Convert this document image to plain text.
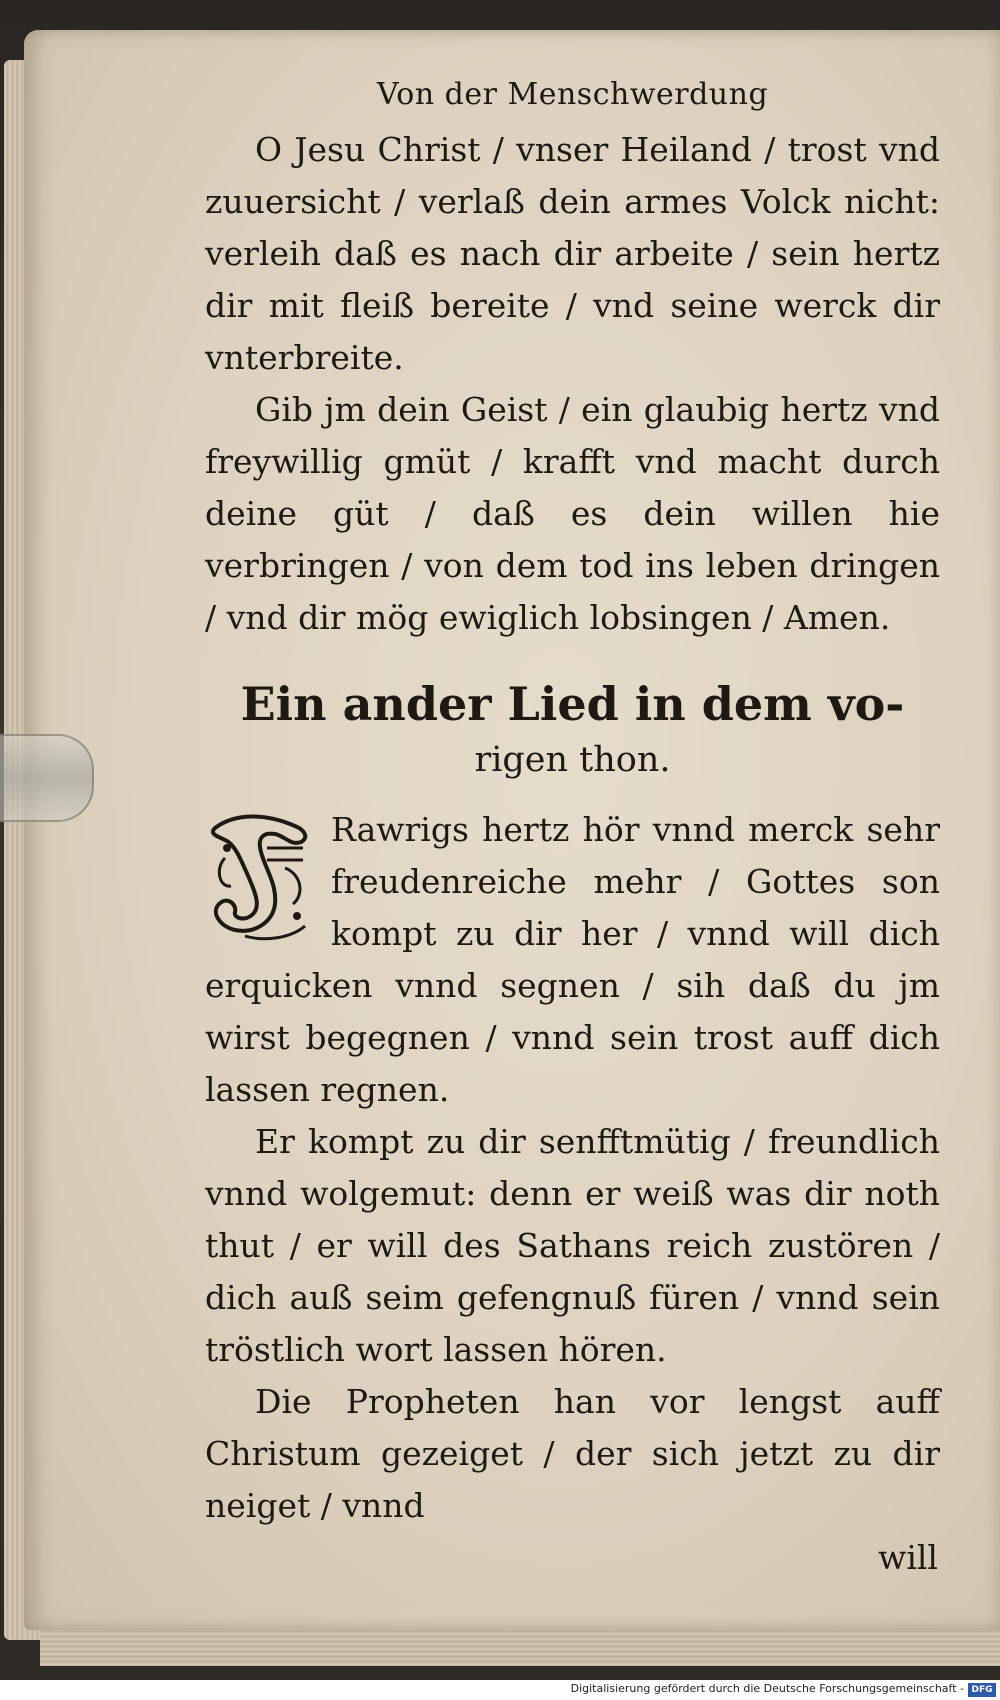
Von der Menschwerdung

O Jesu Christ / vnser Heiland / trost vnd zuuersicht / verlaß dein armes Volck nicht: verleih daß es nach dir arbeite / sein hertz dir mit fleiß bereite / vnd seine werck dir vnterbreite.

Gib jm dein Geist / ein glaubig hertz vnd freywillig gmüt / krafft vnd macht durch deine güt / daß es dein willen hie verbringen / von dem tod ins leben dringen / vnd dir mög ewiglich lobsingen / Amen.

Ein ander Lied in dem vo-

rigen thon.

Rawrigs hertz hör vnnd merck sehr freudenreiche mehr / Gottes son kompt zu dir her / vnnd will dich erquicken vnnd segnen / sih daß du jm wirst begegnen / vnnd sein trost auff dich lassen regnen.

Er kompt zu dir senfftmütig / freundlich vnnd wolgemut: denn er weiß was dir noth thut / er will des Sathans reich zustören / dich auß seim gefengnuß füren / vnnd sein tröstlich wort lassen hören.

Die Propheten han vor lengst auff Christum gezeiget / der sich jetzt zu dir neiget / vnnd

will

Digitalisierung gefördert durch die Deutsche Forschungsgemeinschaft - DFG
